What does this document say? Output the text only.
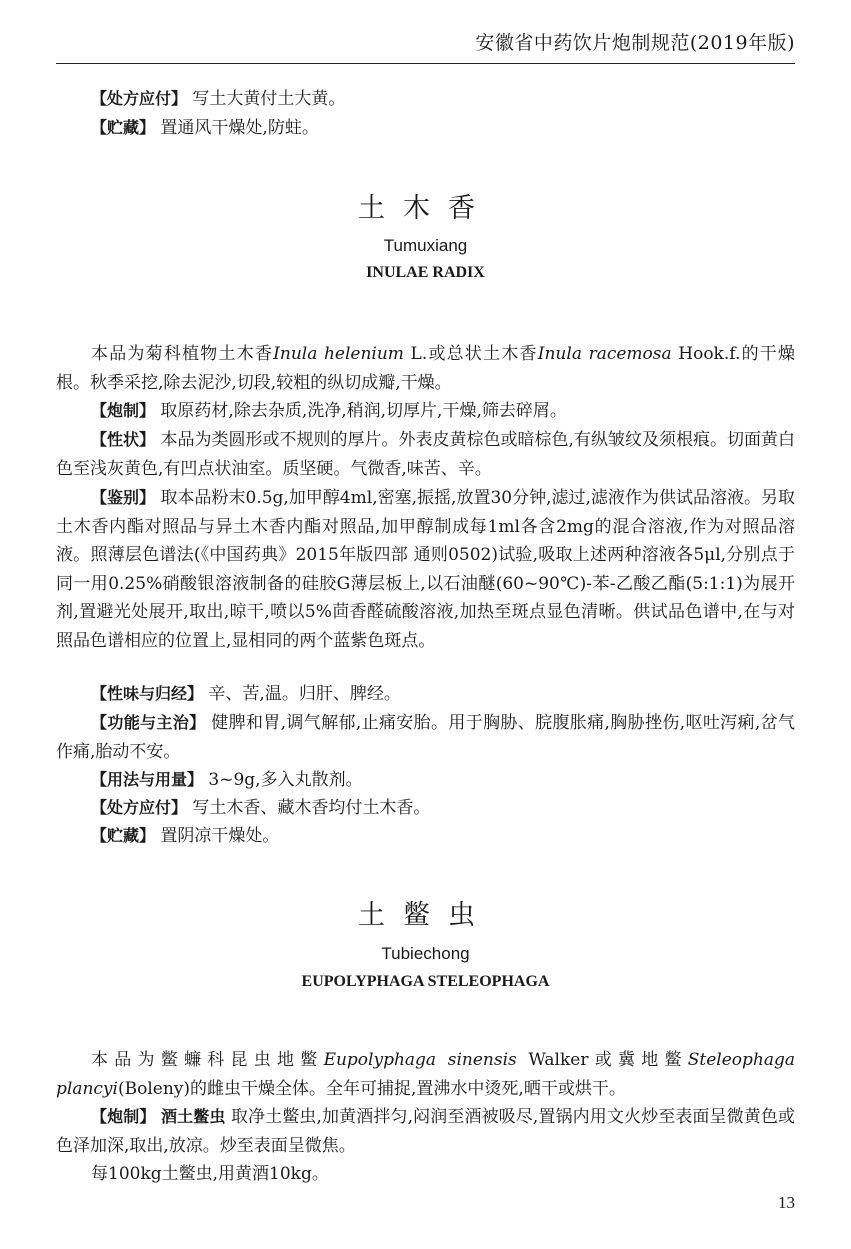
安徽省中药饮片炮制规范(2019年版)
【处方应付】 写土大黄付土大黄。
【贮藏】 置通风干燥处,防蛀。
土木香
Tumuxiang
INULAE RADIX
本品为菊科植物土木香Inula helenium L.或总状土木香Inula racemosa Hook.f.的干燥根。秋季采挖,除去泥沙,切段,较粗的纵切成瓣,干燥。
【炮制】 取原药材,除去杂质,洗净,稍润,切厚片,干燥,筛去碎屑。
【性状】 本品为类圆形或不规则的厚片。外表皮黄棕色或暗棕色,有纵皱纹及须根痕。切面黄白色至浅灰黄色,有凹点状油室。质坚硬。气微香,味苦、辛。
【鉴别】 取本品粉末0.5g,加甲醇4ml,密塞,振摇,放置30分钟,滤过,滤液作为供试品溶液。另取土木香内酯对照品与异土木香内酯对照品,加甲醇制成每1ml各含2mg的混合溶液,作为对照品溶液。照薄层色谱法(《中国药典》2015年版四部 通则0502)试验,吸取上述两种溶液各5μl,分别点于同一用0.25%硝酸银溶液制备的硅胶G薄层板上,以石油醚(60~90℃)-苯-乙酸乙酯(5:1:1)为展开剂,置避光处展开,取出,晾干,喷以5%茴香醛硫酸溶液,加热至斑点显色清晰。供试品色谱中,在与对照品色谱相应的位置上,显相同的两个蓝紫色斑点。
【性味与归经】 辛、苦,温。归肝、脾经。
【功能与主治】 健脾和胃,调气解郁,止痛安胎。用于胸胁、脘腹胀痛,胸胁挫伤,呕吐泻痢,岔气作痛,胎动不安。
【用法与用量】 3~9g,多入丸散剂。
【处方应付】 写土木香、藏木香均付土木香。
【贮藏】 置阴凉干燥处。
土鳖虫
Tubiechong
EUPOLYPHAGA STELEOPHAGA
本品为鳖蠊科昆虫地鳖Eupolyphaga sinensis Walker或冀地鳖Steleophaga plancyi(Boleny)的雌虫干燥全体。全年可捕捉,置沸水中烫死,晒干或烘干。
【炮制】 酒土鳖虫 取净土鳖虫,加黄酒拌匀,闷润至酒被吸尽,置锅内用文火炒至表面呈微黄色或色泽加深,取出,放凉。炒至表面呈微焦。
每100kg土鳖虫,用黄酒10kg。
13
